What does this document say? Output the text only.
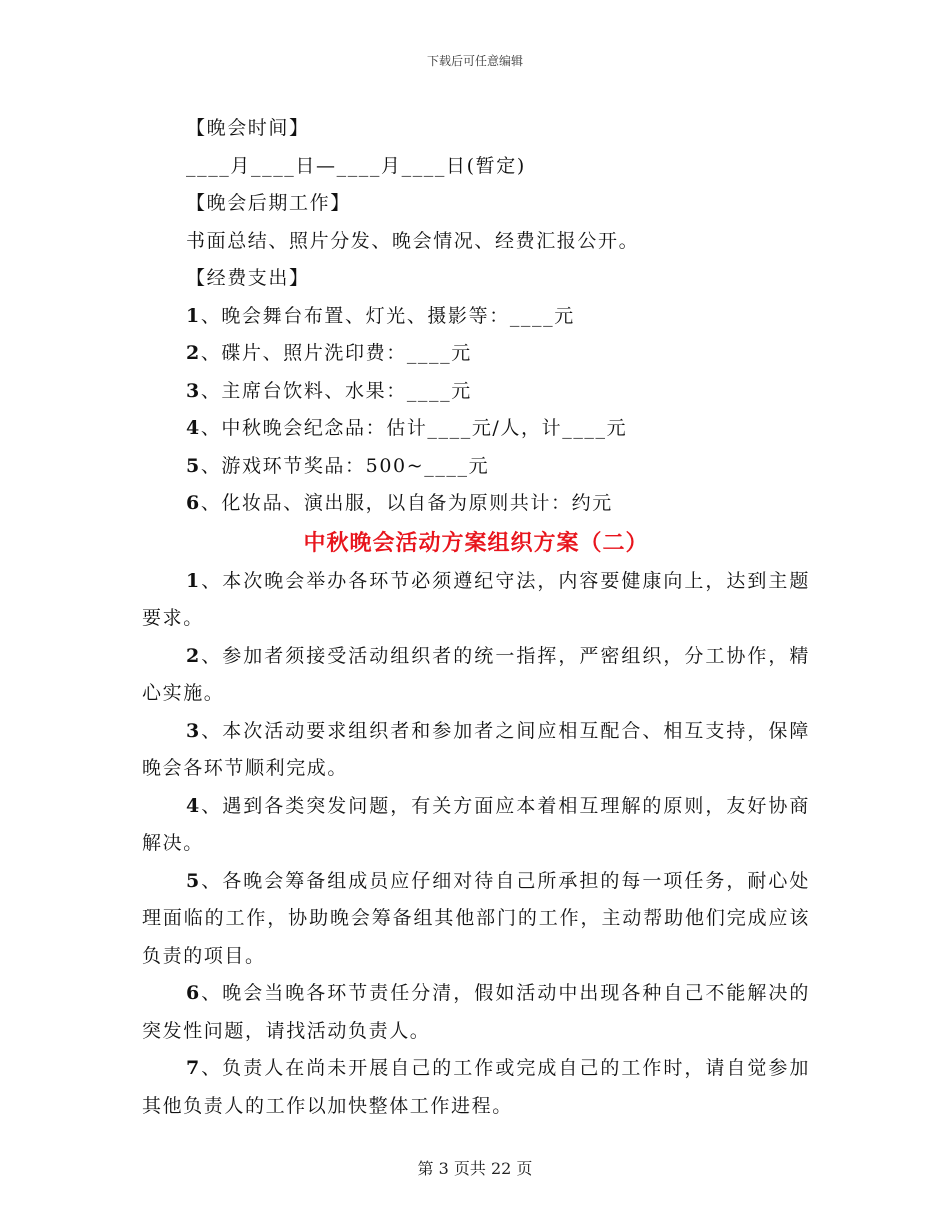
下载后可任意编辑
【晚会时间】
____月____日—____月____日(暂定)
【晚会后期工作】
书面总结、照片分发、晚会情况、经费汇报公开。
【经费支出】
1、晚会舞台布置、灯光、摄影等：____元
2、碟片、照片洗印费：____元
3、主席台饮料、水果：____元
4、中秋晚会纪念品：估计____元/人，计____元
5、游戏环节奖品：500~____元
6、化妆品、演出服，以自备为原则共计：约元
中秋晚会活动方案组织方案（二）

1、本次晚会举办各环节必须遵纪守法，内容要健康向上，达到主题要求。

2、参加者须接受活动组织者的统一指挥，严密组织，分工协作，精心实施。

3、本次活动要求组织者和参加者之间应相互配合、相互支持，保障晚会各环节顺利完成。

4、遇到各类突发问题，有关方面应本着相互理解的原则，友好协商解决。

5、各晚会筹备组成员应仔细对待自己所承担的每一项任务，耐心处理面临的工作，协助晚会筹备组其他部门的工作，主动帮助他们完成应该负责的项目。

6、晚会当晚各环节责任分清，假如活动中出现各种自己不能解决的突发性问题，请找活动负责人。

7、负责人在尚未开展自己的工作或完成自己的工作时，请自觉参加其他负责人的工作以加快整体工作进程。

第 3 页共 22 页
